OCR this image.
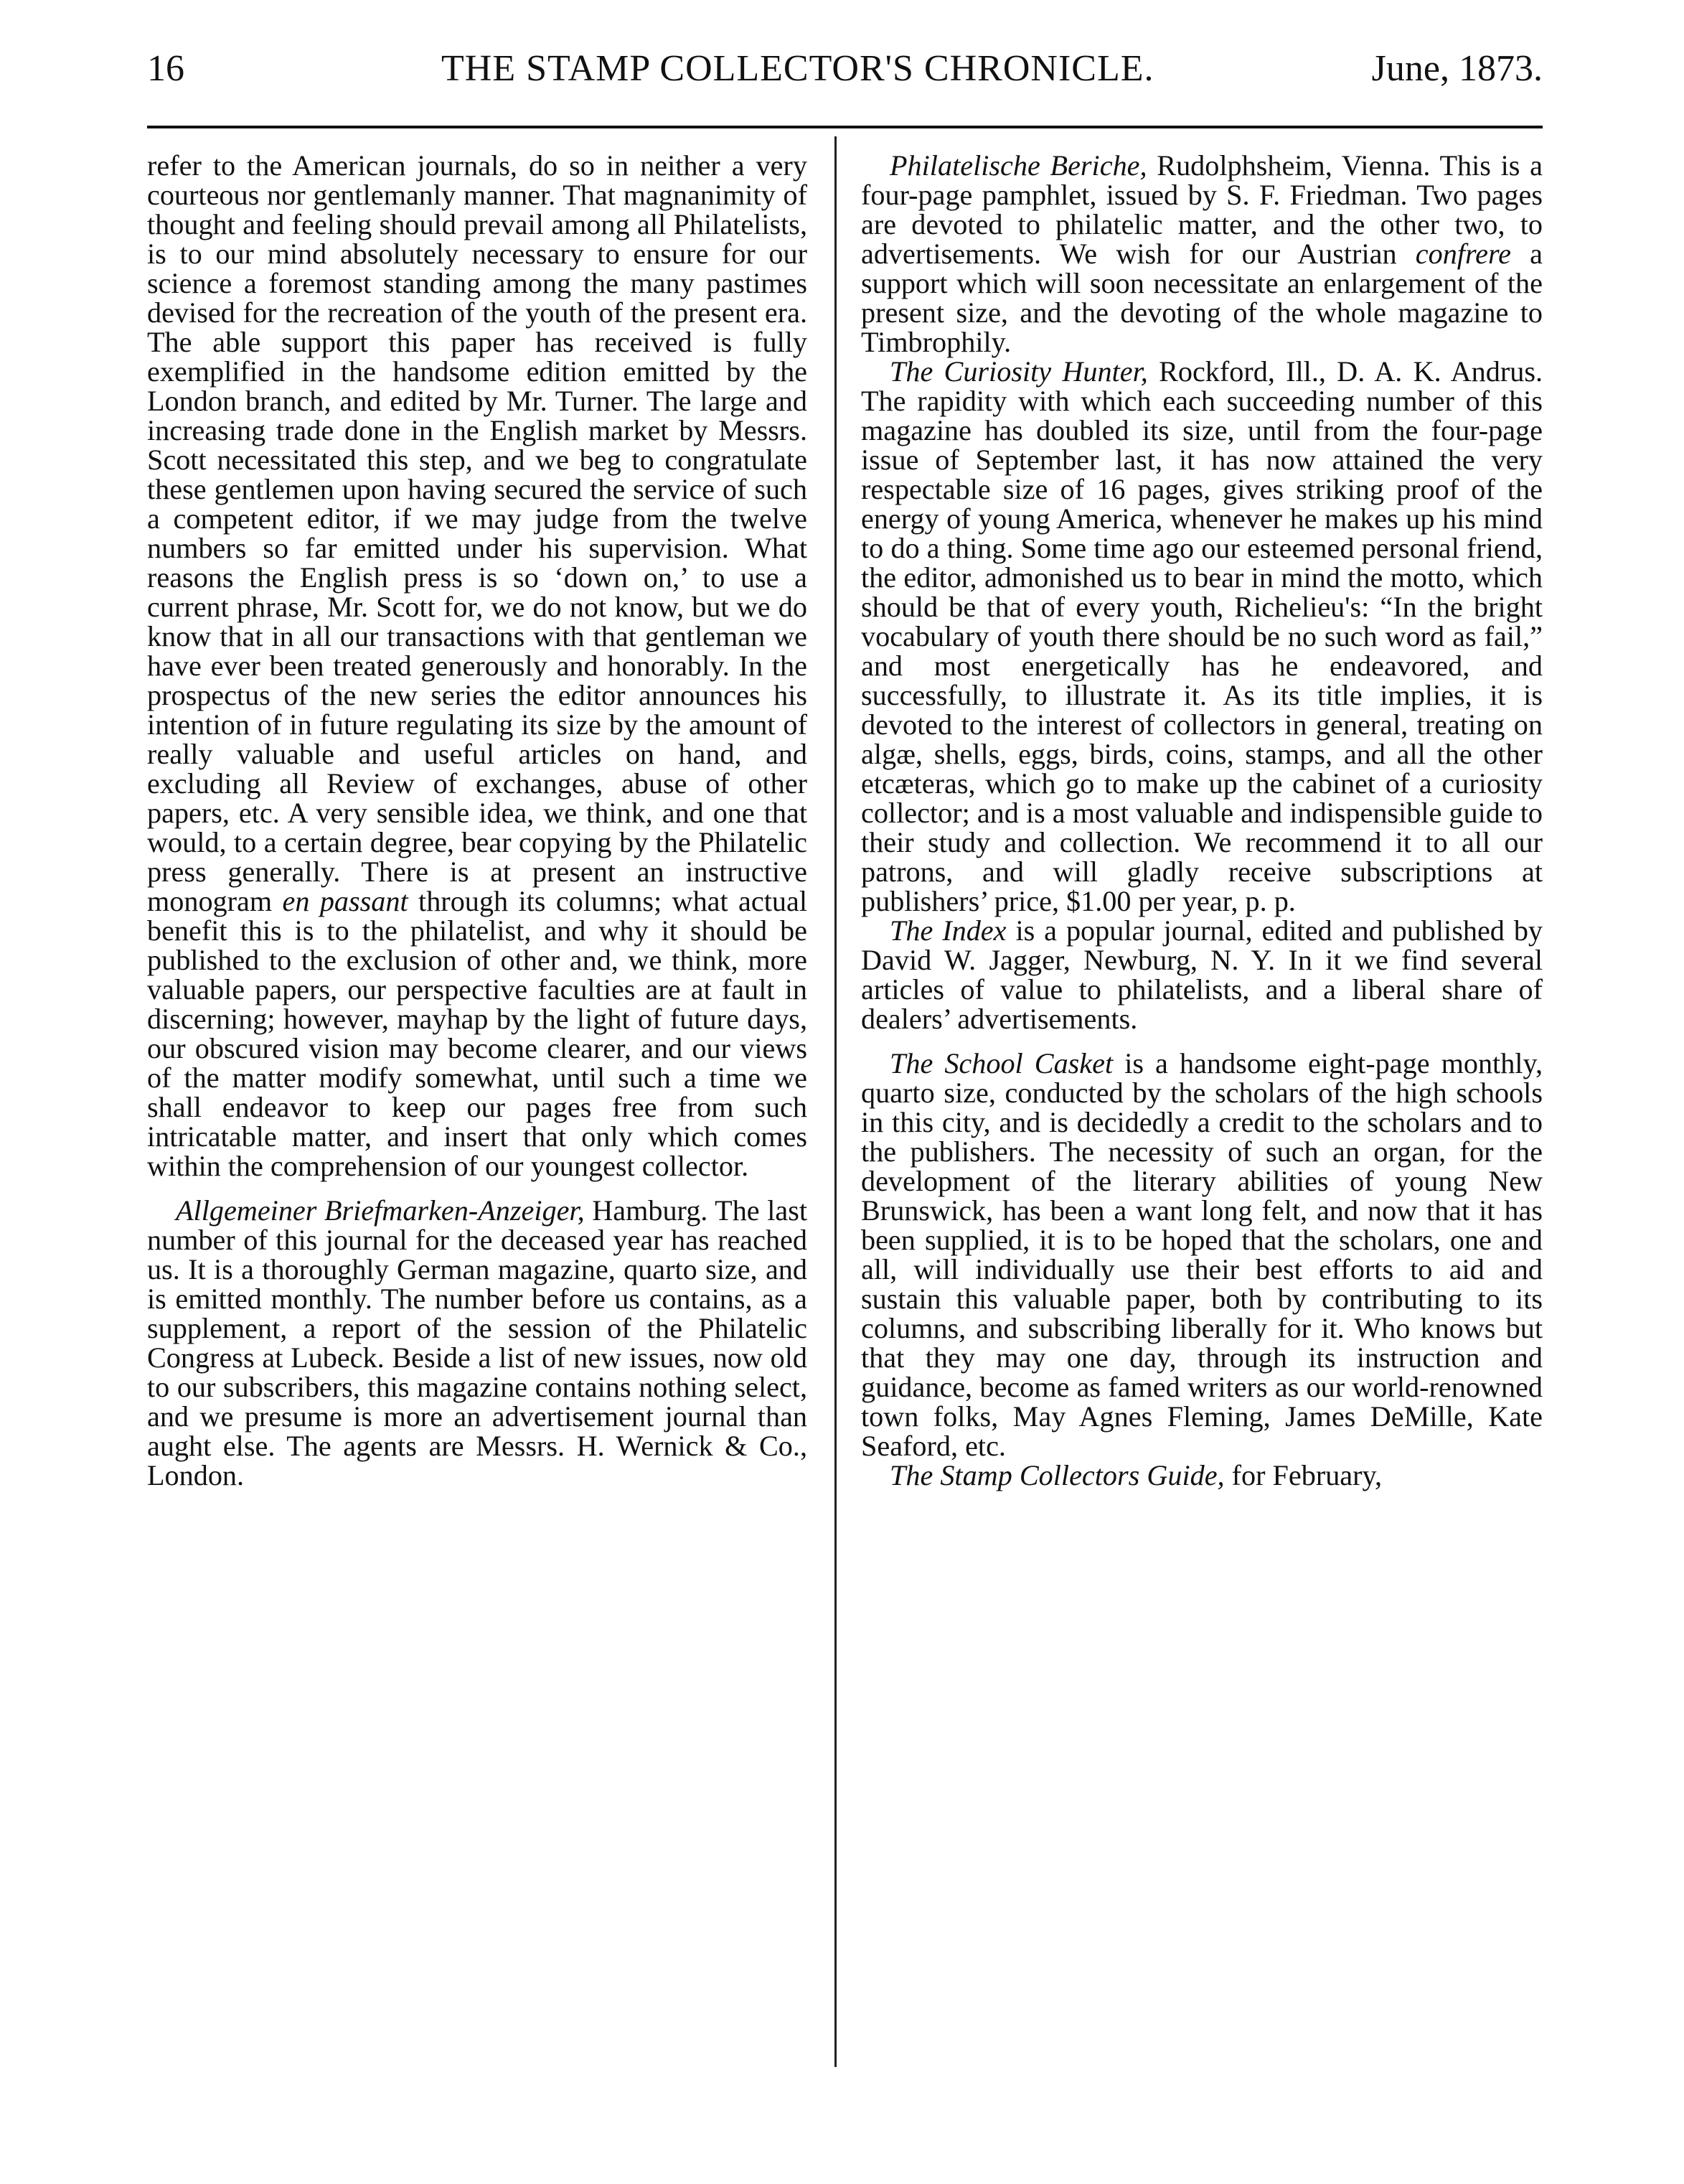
16	THE STAMP COLLECTOR'S CHRONICLE.	June, 1873.

refer to the American journals, do so in neither a very courteous nor gentlemanly manner. That magnanimity of thought and feeling should prevail among all Philatelists, is to our mind absolutely necessary to ensure for our science a foremost standing among the many pastimes devised for the recreation of the youth of the present era. The able support this paper has received is fully exemplified in the handsome edition emitted by the London branch, and edited by Mr. Turner. The large and increasing trade done in the English market by Messrs. Scott necessitated this step, and we beg to congratulate these gentlemen upon having secured the service of such a competent editor, if we may judge from the twelve numbers so far emitted under his supervision. What reasons the English press is so ‘down on,’ to use a current phrase, Mr. Scott for, we do not know, but we do know that in all our transactions with that gentleman we have ever been treated generously and honorably. In the prospectus of the new series the editor announces his intention of in future regulating its size by the amount of really valuable and useful articles on hand, and excluding all Review of exchanges, abuse of other papers, etc. A very sensible idea, we think, and one that would, to a certain degree, bear copying by the Philatelic press generally. There is at present an instructive monogram en passant through its columns; what actual benefit this is to the philatelist, and why it should be published to the exclusion of other and, we think, more valuable papers, our perspective faculties are at fault in discerning; however, mayhap by the light of future days, our obscured vision may become clearer, and our views of the matter modify somewhat, until such a time we shall endeavor to keep our pages free from such intricatable matter, and insert that only which comes within the comprehension of our youngest collector.

Allgemeiner Briefmarken-Anzeiger, Hamburg. The last number of this journal for the deceased year has reached us. It is a thoroughly German magazine, quarto size, and is emitted monthly. The number before us contains, as a supplement, a report of the session of the Philatelic Congress at Lubeck. Beside a list of new issues, now old to our subscribers, this magazine contains nothing select, and we presume is more an advertisement journal than aught else. The agents are Messrs. H. Wernick & Co., London.

Philatelische Beriche, Rudolphsheim, Vienna. This is a four-page pamphlet, issued by S. F. Friedman. Two pages are devoted to philatelic matter, and the other two, to advertisements. We wish for our Austrian confrere a support which will soon necessitate an enlargement of the present size, and the devoting of the whole magazine to Timbrophily.

The Curiosity Hunter, Rockford, Ill., D. A. K. Andrus. The rapidity with which each succeeding number of this magazine has doubled its size, until from the four-page issue of September last, it has now attained the very respectable size of 16 pages, gives striking proof of the energy of young America, whenever he makes up his mind to do a thing. Some time ago our esteemed personal friend, the editor, admonished us to bear in mind the motto, which should be that of every youth, Richelieu's: “In the bright vocabulary of youth there should be no such word as fail,” and most energetically has he endeavored, and successfully, to illustrate it. As its title implies, it is devoted to the interest of collectors in general, treating on algæ, shells, eggs, birds, coins, stamps, and all the other etcæteras, which go to make up the cabinet of a curiosity collector; and is a most valuable and indispensible guide to their study and collection. We recommend it to all our patrons, and will gladly receive subscriptions at publishers’ price, $1.00 per year, p. p.

The Index is a popular journal, edited and published by David W. Jagger, Newburg, N. Y. In it we find several articles of value to philatelists, and a liberal share of dealers’ advertisements.

The School Casket is a handsome eight-page monthly, quarto size, conducted by the scholars of the high schools in this city, and is decidedly a credit to the scholars and to the publishers. The necessity of such an organ, for the development of the literary abilities of young New Brunswick, has been a want long felt, and now that it has been supplied, it is to be hoped that the scholars, one and all, will individually use their best efforts to aid and sustain this valuable paper, both by contributing to its columns, and subscribing liberally for it. Who knows but that they may one day, through its instruction and guidance, become as famed writers as our world-renowned town folks, May Agnes Fleming, James DeMille, Kate Seaford, etc.

The Stamp Collectors Guide, for February,
